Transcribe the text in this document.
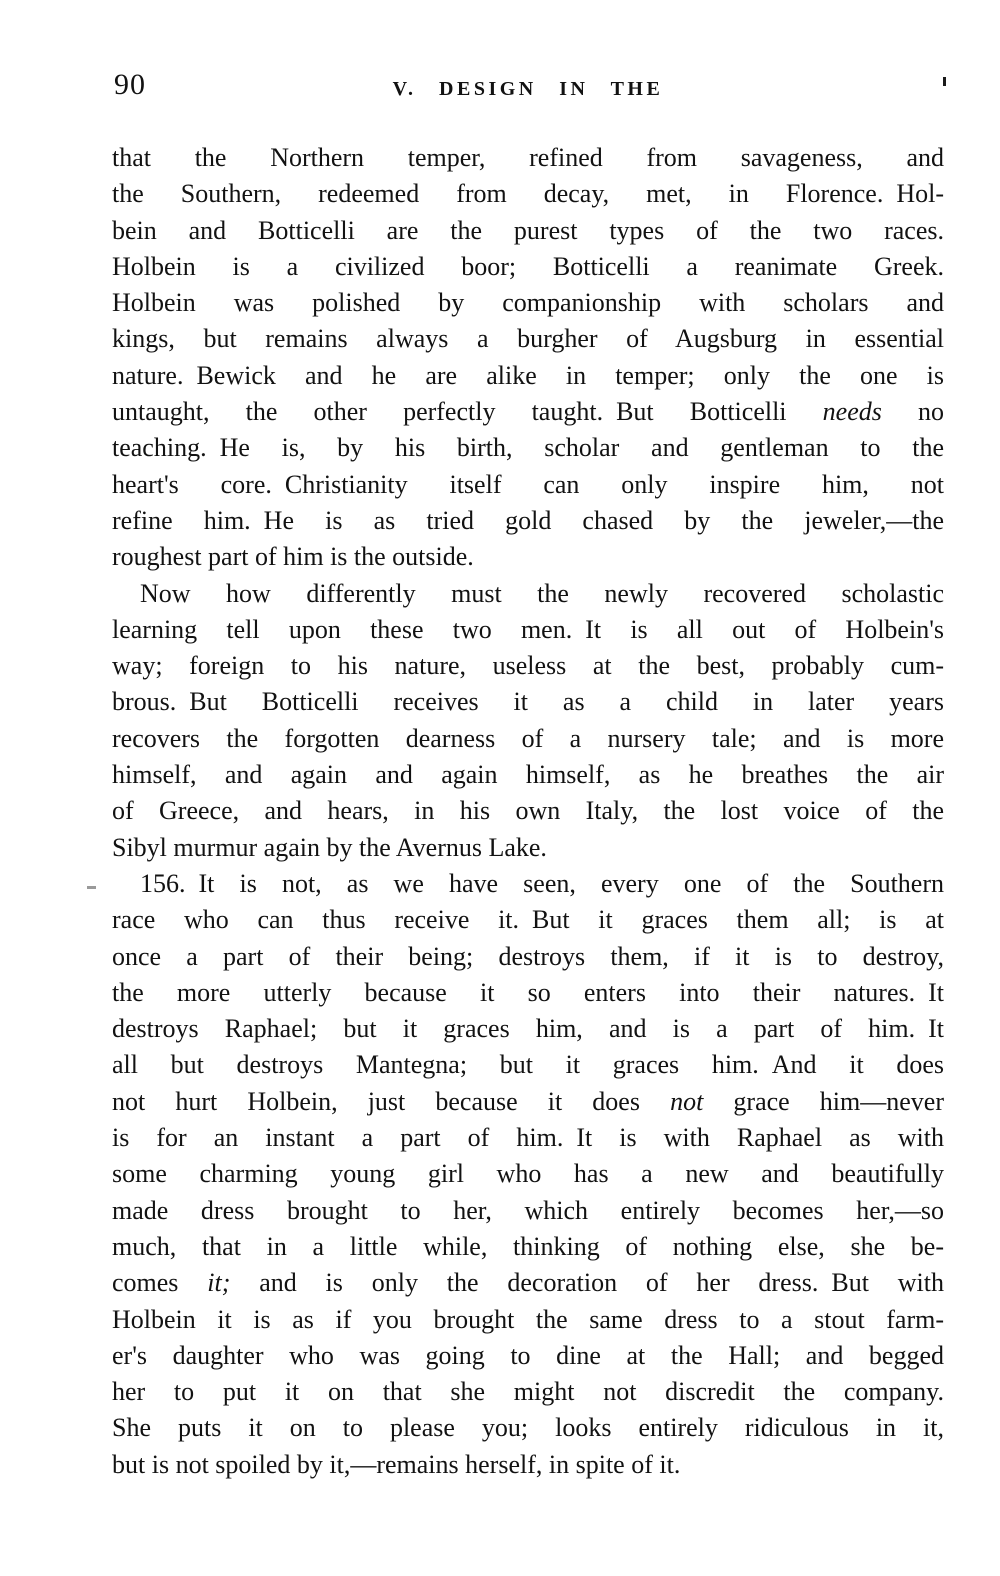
90	V. DESIGN IN THE
that the Northern temper, refined from savageness, and
the Southern, redeemed from decay, met, in Florence. Hol-
bein and Botticelli are the purest types of the two races.
Holbein is a civilized boor; Botticelli a reanimate Greek.
Holbein was polished by companionship with scholars and
kings, but remains always a burgher of Augsburg in essential
nature. Bewick and he are alike in temper; only the one is
untaught, the other perfectly taught. But Botticelli needs no
teaching. He is, by his birth, scholar and gentleman to the
heart's core. Christianity itself can only inspire him, not
refine him. He is as tried gold chased by the jeweler,—the
roughest part of him is the outside.
Now how differently must the newly recovered scholastic
learning tell upon these two men. It is all out of Holbein's
way; foreign to his nature, useless at the best, probably cum-
brous. But Botticelli receives it as a child in later years
recovers the forgotten dearness of a nursery tale; and is more
himself, and again and again himself, as he breathes the air
of Greece, and hears, in his own Italy, the lost voice of the
Sibyl murmur again by the Avernus Lake.
156. It is not, as we have seen, every one of the Southern
race who can thus receive it. But it graces them all; is at
once a part of their being; destroys them, if it is to destroy,
the more utterly because it so enters into their natures. It
destroys Raphael; but it graces him, and is a part of him. It
all but destroys Mantegna; but it graces him. And it does
not hurt Holbein, just because it does not grace him—never
is for an instant a part of him. It is with Raphael as with
some charming young girl who has a new and beautifully
made dress brought to her, which entirely becomes her,—so
much, that in a little while, thinking of nothing else, she be-
comes it; and is only the decoration of her dress. But with
Holbein it is as if you brought the same dress to a stout farm-
er's daughter who was going to dine at the Hall; and begged
her to put it on that she might not discredit the company.
She puts it on to please you; looks entirely ridiculous in it,
but is not spoiled by it,—remains herself, in spite of it.
